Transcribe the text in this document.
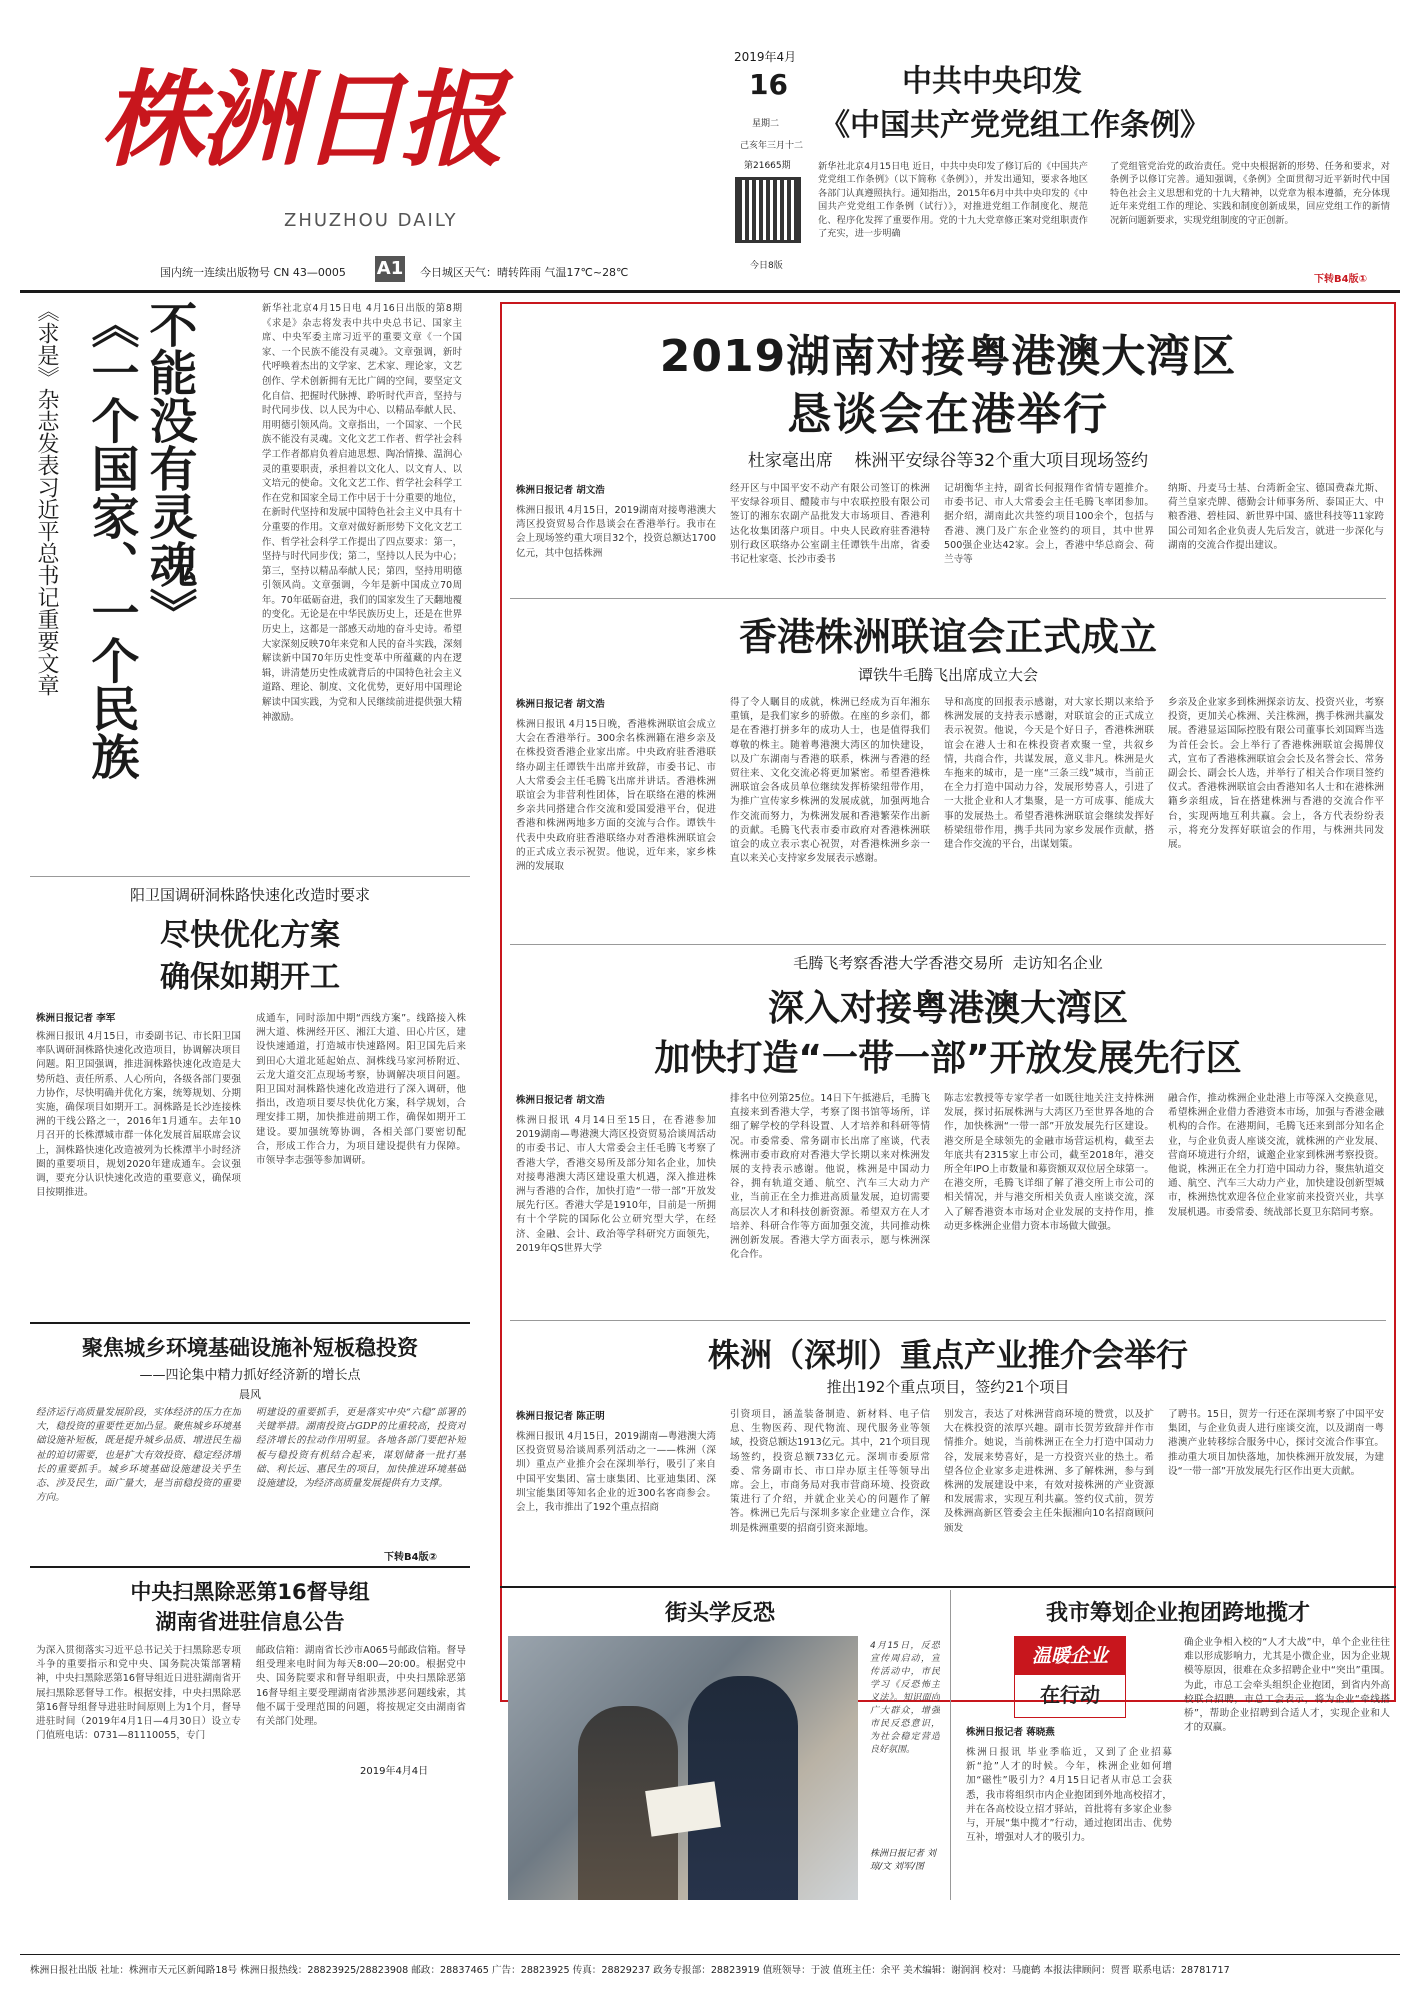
株洲日报
ZHUZHOU DAILY
国内统一连续出版物号 CN 43—0005 A1 今日城区天气：晴转阵雨 气温17℃~28℃
2019年4月
16
星期二
己亥年三月十二
第21665期
今日8版
中共中央印发
《中国共产党党组工作条例》
新华社北京4月15日电 近日，中共中央印发了修订后的《中国共产党党组工作条例》（以下简称《条例》），并发出通知，要求各地区各部门认真遵照执行。通知指出，2015年6月中共中央印发的《中国共产党党组工作条例（试行）》，对推进党组工作制度化、规范化、程序化发挥了重要作用。党的十九大党章修正案对党组职责作了充实，进一步明确
了党组管党治党的政治责任。党中央根据新的形势、任务和要求，对条例予以修订完善。通知强调，《条例》全面贯彻习近平新时代中国特色社会主义思想和党的十九大精神，以党章为根本遵循，充分体现近年来党组工作的理论、实践和制度创新成果，回应党组工作的新情况新问题新要求，实现党组制度的守正创新。
下转B4版①
《求是》杂志发表习近平总书记重要文章 《一个国家、一个民族 不能没有灵魂》	新华社北京4月15日电 4月16日出版的第8期《求是》杂志将发表中共中央总书记、国家主席、中央军委主席习近平的重要文章《一个国家、一个民族不能没有灵魂》。文章强调，新时代呼唤着杰出的文学家、艺术家、理论家，文艺创作、学术创新拥有无比广阔的空间，要坚定文化自信、把握时代脉搏、聆听时代声音，坚持与时代同步伐、以人民为中心、以精品奉献人民、用明德引领风尚。文章指出，一个国家、一个民族不能没有灵魂。文化文艺工作者、哲学社会科学工作者都肩负着启迪思想、陶冶情操、温润心灵的重要职责，承担着以文化人、以文育人、以文培元的使命。文化文艺工作、哲学社会科学工作在党和国家全局工作中居于十分重要的地位，在新时代坚持和发展中国特色社会主义中具有十分重要的作用。文章对做好新形势下文化文艺工作、哲学社会科学工作提出了四点要求：第一，坚持与时代同步伐；第二，坚持以人民为中心；第三，坚持以精品奉献人民；第四，坚持用明德引领风尚。文章强调，今年是新中国成立70周年。70年砥砺奋进，我们的国家发生了天翻地覆的变化。无论是在中华民族历史上，还是在世界历史上，这都是一部感天动地的奋斗史诗。希望大家深刻反映70年来党和人民的奋斗实践，深刻解读新中国70年历史性变革中所蕴藏的内在逻辑，讲清楚历史性成就背后的中国特色社会主义道路、理论、制度、文化优势，更好用中国理论解读中国实践，为党和人民继续前进提供强大精神激励。
阳卫国调研洞株路快速化改造时要求
尽快优化方案
确保如期开工
株洲日报记者 李军
株洲日报讯 4月15日，市委副书记、市长阳卫国率队调研洞株路快速化改造项目，协调解决项目问题。阳卫国强调，推进洞株路快速化改造是大势所趋、责任所系、人心所向，各级各部门要强力协作，尽快明确并优化方案，统筹规划、分期实施，确保项目如期开工。洞株路是长沙连接株洲的干线公路之一，2016年1月通车。去年10月召开的长株潭城市群一体化发展首届联席会议上，洞株路快速化改造被列为长株潭半小时经济圈的重要项目，规划2020年建成通车。会议强调，要充分认识快速化改造的重要意义，确保项目按期推进。
成通车，同时添加中期“西线方案”。线路接入株洲大道、株洲经开区、湘江大道、田心片区，建设快速通道，打造城市快速路网。阳卫国先后来到田心大道北延起始点、洞株线马家河桥附近、云龙大道交汇点现场考察，协调解决项目问题。阳卫国对洞株路快速化改造进行了深入调研，他指出，改造项目要尽快优化方案，科学规划，合理安排工期，加快推进前期工作，确保如期开工建设。要加强统筹协调，各相关部门要密切配合，形成工作合力，为项目建设提供有力保障。市领导李志强等参加调研。
聚焦城乡环境基础设施补短板稳投资
——四论集中精力抓好经济新的增长点
晨风
经济运行高质量发展阶段，实体经济的压力在加大，稳投资的重要性更加凸显。聚焦城乡环境基础设施补短板，既是提升城乡品质、增进民生福祉的迫切需要，也是扩大有效投资、稳定经济增长的重要抓手。城乡环境基础设施建设关乎生态、涉及民生，面广量大，是当前稳投资的重要方向。
明建设的重要抓手，更是落实中央“六稳”部署的关键举措。湖南投资占GDP的比重较高，投资对经济增长的拉动作用明显。各地各部门要把补短板与稳投资有机结合起来，谋划储备一批打基础、利长远、惠民生的项目，加快推进环境基础设施建设，为经济高质量发展提供有力支撑。
下转B4版②
中央扫黑除恶第16督导组
湖南省进驻信息公告
为深入贯彻落实习近平总书记关于扫黑除恶专项斗争的重要指示和党中央、国务院决策部署精神，中央扫黑除恶第16督导组近日进驻湖南省开展扫黑除恶督导工作。根据安排，中央扫黑除恶第16督导组督导进驻时间原则上为1个月，督导进驻时间（2019年4月1日—4月30日）设立专门值班电话：0731—81110055，专门
邮政信箱：湖南省长沙市A065号邮政信箱。督导组受理来电时间为每天8:00—20:00。根据党中央、国务院要求和督导组职责，中央扫黑除恶第16督导组主要受理湖南省涉黑涉恶问题线索，其他不属于受理范围的问题，将按规定交由湖南省有关部门处理。
2019年4月4日
2019湖南对接粤港澳大湾区
恳谈会在港举行
杜家毫出席    株洲平安绿谷等32个重大项目现场签约
株洲日报记者 胡文浩
株洲日报讯 4月15日，2019湖南对接粤港澳大湾区投资贸易合作恳谈会在香港举行。我市在会上现场签约重大项目32个，投资总额达1700亿元，其中包括株洲
经开区与中国平安不动产有限公司签订的株洲平安绿谷项目、醴陵市与中农联控股有限公司签订的湘东农副产品批发大市场项目、香港利达化妆集团落户项目。中央人民政府驻香港特别行政区联络办公室副主任谭铁牛出席，省委书记杜家毫、长沙市委书
记胡衡华主持，副省长何报翔作省情专题推介。市委书记、市人大常委会主任毛腾飞率团参加。据介绍，湖南此次共签约项目100余个，包括与香港、澳门及广东企业签约的项目，其中世界500强企业达42家。会上，香港中华总商会、荷兰寺等
纳斯、丹麦马士基、台湾新金宝、德国费森尤斯、荷兰皇家壳牌、德勤会计师事务所、泰国正大、中粮香港、碧桂园、新世界中国、盛世科技等11家跨国公司知名企业负责人先后发言，就进一步深化与湖南的交流合作提出建议。
香港株洲联谊会正式成立
谭铁牛毛腾飞出席成立大会
株洲日报记者 胡文浩
株洲日报讯 4月15日晚，香港株洲联谊会成立大会在香港举行。300余名株洲籍在港乡亲及在株投资香港企业家出席。中央政府驻香港联络办副主任谭铁牛出席并致辞，市委书记、市人大常委会主任毛腾飞出席并讲话。香港株洲联谊会为非营利性团体，旨在联络在港的株洲乡亲共同搭建合作交流和爱国爱港平台，促进香港和株洲两地多方面的交流与合作。谭铁牛代表中央政府驻香港联络办对香港株洲联谊会的正式成立表示祝贺。他说，近年来，家乡株洲的发展取
得了令人瞩目的成就，株洲已经成为百年湘东重镇，是我们家乡的骄傲。在座的乡亲们，都是在香港打拼多年的成功人士，也是值得我们尊敬的株主。随着粤港澳大湾区的加快建设，以及广东湖南与香港的联系，株洲与香港的经贸往来、文化交流必将更加紧密。希望香港株洲联谊会各成员单位继续发挥桥梁纽带作用，为推广宣传家乡株洲的发展成就，加强两地合作交流而努力，为株洲发展和香港繁荣作出新的贡献。毛腾飞代表市委市政府对香港株洲联谊会的成立表示衷心祝贺，对香港株洲乡亲一直以来关心支持家乡发展表示感谢。
导和高度的回报表示感谢，对大家长期以来给予株洲发展的支持表示感谢，对联谊会的正式成立表示祝贺。他说，今天是个好日子，香港株洲联谊会在港人士和在株投资者欢聚一堂，共叙乡情，共商合作，共谋发展，意义非凡。株洲是火车拖来的城市，是一座“三条三线”城市，当前正在全力打造中国动力谷，发展形势喜人，引进了一大批企业和人才集聚，是一方可成事、能成大事的发展热土。希望香港株洲联谊会继续发挥好桥梁纽带作用，携手共同为家乡发展作贡献，搭建合作交流的平台，出谋划策。
乡亲及企业家多到株洲探亲访友、投资兴业，考察投资，更加关心株洲、关注株洲，携手株洲共赢发展。香港显运国际控股有限公司董事长刘国辉当选为首任会长。会上举行了香港株洲联谊会揭牌仪式，宣布了香港株洲联谊会会长及名誉会长、常务副会长、副会长人选，并举行了相关合作项目签约仪式。香港株洲联谊会由香港知名人士和在港株洲籍乡亲组成，旨在搭建株洲与香港的交流合作平台，实现两地互利共赢。会上，各方代表纷纷表示，将充分发挥好联谊会的作用，与株洲共同发展。
毛腾飞考察香港大学香港交易所  走访知名企业
深入对接粤港澳大湾区
加快打造“一带一部”开放发展先行区
株洲日报记者 胡文浩
株洲日报讯 4月14日至15日，在香港参加2019湖南—粤港澳大湾区投资贸易洽谈周活动的市委书记、市人大常委会主任毛腾飞考察了香港大学，香港交易所及部分知名企业，加快对接粤港澳大湾区建设重大机遇，深入推进株洲与香港的合作，加快打造“一带一部”开放发展先行区。香港大学是1910年，目前是一所拥有十个学院的国际化公立研究型大学，在经济、金融、会计、政治等学科研究方面领先，2019年QS世界大学
排名中位列第25位。14日下午抵港后，毛腾飞直接来到香港大学，考察了图书馆等场所，详细了解学校的学科设置、人才培养和科研等情况。市委常委、常务副市长出席了座谈，代表株洲市委市政府对香港大学长期以来对株洲发展的支持表示感谢。他说，株洲是中国动力谷，拥有轨道交通、航空、汽车三大动力产业，当前正在全力推进高质量发展，迫切需要高层次人才和科技创新资源。希望双方在人才培养、科研合作等方面加强交流，共同推动株洲创新发展。香港大学方面表示，愿与株洲深化合作。
陈志宏教授等专家学者一如既往地关注支持株洲发展，探讨拓展株洲与大湾区乃至世界各地的合作，加快株洲“一带一部”开放发展先行区建设。港交所是全球领先的金融市场营运机构，截至去年底共有2315家上市公司，截至2018年，港交所全年IPO上市数量和募资额双双位居全球第一。在港交所，毛腾飞详细了解了港交所上市公司的相关情况，并与港交所相关负责人座谈交流，深入了解香港资本市场对企业发展的支持作用，推动更多株洲企业借力资本市场做大做强。
融合作，推动株洲企业赴港上市等深入交换意见，希望株洲企业借力香港资本市场，加强与香港金融机构的合作。在港期间，毛腾飞还来到部分知名企业，与企业负责人座谈交流，就株洲的产业发展、营商环境进行介绍，诚邀企业家到株洲考察投资。他说，株洲正在全力打造中国动力谷，聚焦轨道交通、航空、汽车三大动力产业，加快建设创新型城市，株洲热忱欢迎各位企业家前来投资兴业，共享发展机遇。市委常委、统战部长夏卫东陪同考察。
株洲（深圳）重点产业推介会举行
推出192个重点项目，签约21个项目
株洲日报记者 陈正明
株洲日报讯 4月15日，2019湖南—粤港澳大湾区投资贸易洽谈周系列活动之一——株洲（深圳）重点产业推介会在深圳举行，吸引了来自中国平安集团、富士康集团、比亚迪集团、深圳宝能集团等知名企业的近300名客商参会。会上，我市推出了192个重点招商
引资项目，涵盖装备制造、新材料、电子信息、生物医药、现代物流、现代服务业等领域，投资总额达1913亿元。其中，21个项目现场签约，投资总额733亿元。深圳市委原常委、常务副市长、市口岸办原主任等领导出席。会上，市商务局对我市营商环境、投资政策进行了介绍，并就企业关心的问题作了解答。株洲已先后与深圳多家企业建立合作，深圳是株洲重要的招商引资来源地。
别发言，表达了对株洲营商环境的赞赏，以及扩大在株投资的浓厚兴趣。副市长贺芳致辞并作市情推介。她说，当前株洲正在全力打造中国动力谷，发展来势喜好，是一方投资兴业的热土。希望各位企业家多走进株洲、多了解株洲，参与到株洲的发展建设中来，有效对接株洲的产业资源和发展需求，实现互利共赢。签约仪式前，贺芳及株洲高新区管委会主任朱振湘向10名招商顾问颁发
了聘书。15日，贺芳一行还在深圳考察了中国平安集团，与企业负责人进行座谈交流，以及湖南一粤港澳产业转移综合服务中心，探讨交流合作事宜。推动重大项目加快落地，加快株洲开放发展，为建设“一带一部”开放发展先行区作出更大贡献。
街头学反恐
4月15日，反恐宣传周启动，宣传活动中，市民学习《反恐怖主义法》。知识面向广大群众，增强市民反恐意识，为社会稳定营造良好氛围。
株洲日报记者 刘琼/文 刘军/图
我市筹划企业抱团跨地揽才
温暖企业
在行动
株洲日报记者 蒋晓燕
株洲日报讯 毕业季临近，又到了企业招募新“抢”人才的时候。今年，株洲企业如何增加“磁性”吸引力？4月15日记者从市总工会获悉，我市将组织市内企业抱团到外地高校招才，并在各高校设立招才驿站，首批将有多家企业参与，开展“集中揽才”行动，通过抱团出击、优势互补，增强对人才的吸引力。
确企业争相入校的“人才大战”中，单个企业往往难以形成影响力，尤其是小微企业，因为企业规模等原因，很难在众多招聘企业中“突出”重围。为此，市总工会牵头组织企业抱团，到省内外高校联合招聘，市总工会表示，将为企业“牵线搭桥”，帮助企业招聘到合适人才，实现企业和人才的双赢。
株洲日报社出版 社址：株洲市天元区新闻路18号 株洲日报热线：28823925/28823908 邮政：28837465 广告：28823925 传真：28829237 政务专报部：28823919 值班领导：于波 值班主任：余平 美术编辑：谢润润 校对：马鹿鹤 本报法律顾问：贸晋 联系电话：28781717
